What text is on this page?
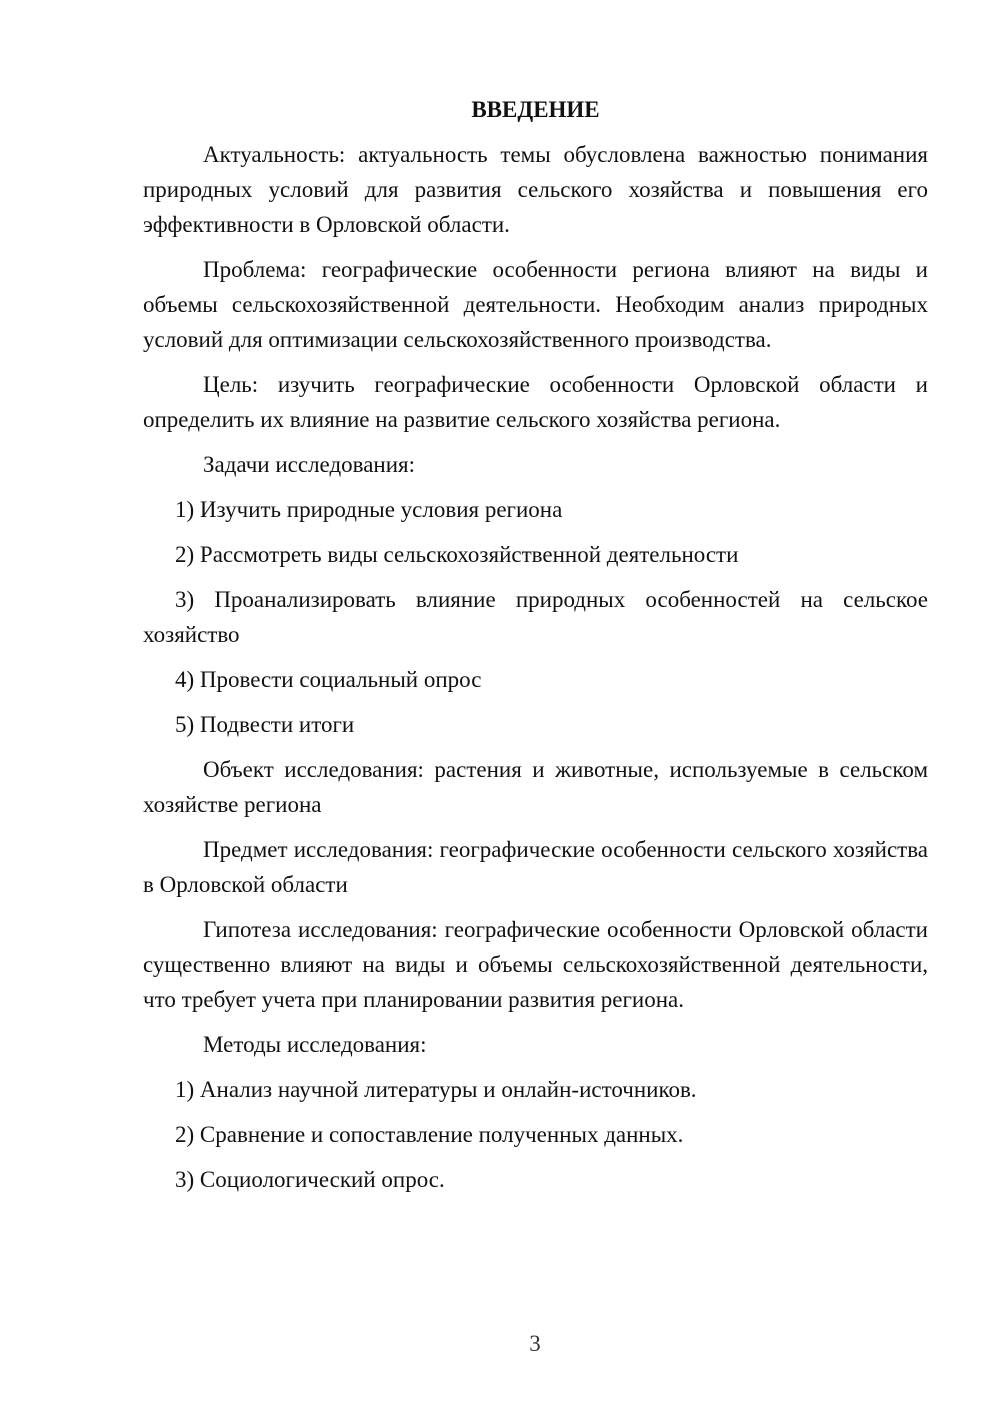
ВВЕДЕНИЕ

Актуальность: актуальность темы обусловлена важностью понимания природных условий для развития сельского хозяйства и повышения его эффективности в Орловской области.

Проблема: географические особенности региона влияют на виды и объемы сельскохозяйственной деятельности. Необходим анализ природных условий для оптимизации сельскохозяйственного производства.

Цель: изучить географические особенности Орловской области и определить их влияние на развитие сельского хозяйства региона.

Задачи исследования:

1) Изучить природные условия региона

2) Рассмотреть виды сельскохозяйственной деятельности

3) Проанализировать влияние природных особенностей на сельское хозяйство

4) Провести социальный опрос

5) Подвести итоги

Объект исследования: растения и животные, используемые в сельском хозяйстве региона

Предмет исследования: географические особенности сельского хозяйства в Орловской области

Гипотеза исследования: географические особенности Орловской области существенно влияют на виды и объемы сельскохозяйственной деятельности, что требует учета при планировании развития региона.

Методы исследования:

1) Анализ научной литературы и онлайн-источников.

2) Сравнение и сопоставление полученных данных.

3) Социологический опрос.

3
